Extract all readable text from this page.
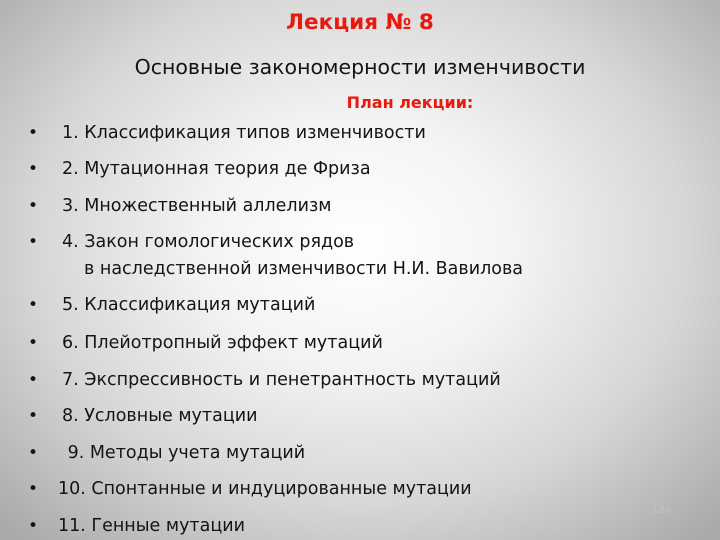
Лекция № 8
Основные закономерности изменчивости
План лекции:
• 1. Классификация типов изменчивости
• 2. Мутационная теория де Фриза
• 3. Множественный аллелизм
• 4. Закон гомологических рядов
в наследственной изменчивости Н.И. Вавилова
• 5. Классификация мутаций
• 6. Плейотропный эффект мутаций
• 7. Экспрессивность и пенетрантность мутаций
• 8. Условные мутации
• 9. Методы учета мутаций
• 10. Спонтанные и индуцированные мутации
• 11. Генные мутации
124
